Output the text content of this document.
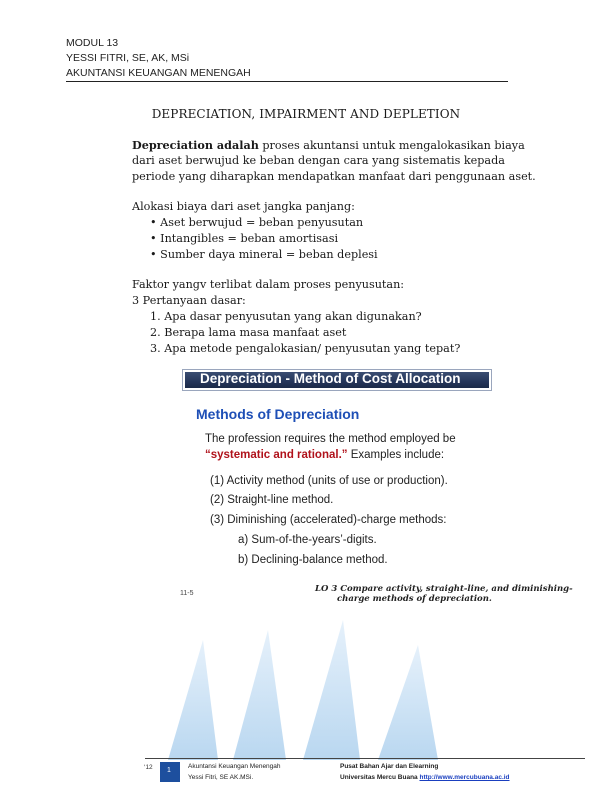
MODUL 13
YESSI FITRI, SE, AK, MSi
AKUNTANSI KEUANGAN MENENGAH
DEPRECIATION, IMPAIRMENT AND DEPLETION
Depreciation adalah proses akuntansi untuk mengalokasikan biaya
dari aset berwujud ke beban dengan cara yang sistematis kepada
periode yang diharapkan mendapatkan manfaat dari penggunaan aset.
Alokasi biaya dari aset jangka panjang:
• Aset berwujud = beban penyusutan
• Intangibles = beban amortisasi
• Sumber daya mineral = beban deplesi
Faktor yangv terlibat dalam proses penyusutan:
3 Pertanyaan dasar:
1. Apa dasar penyusutan yang akan digunakan?
2. Berapa lama masa manfaat aset
3. Apa metode pengalokasian/ penyusutan yang tepat?
Depreciation - Method of Cost Allocation
Methods of Depreciation
The profession requires the method employed be
“systematic and rational.” Examples include:
(1) Activity method (units of use or production).
(2) Straight-line method.
(3) Diminishing (accelerated)-charge methods:
a) Sum-of-the-years’-digits.
b) Declining-balance method.
11-5	LO 3 Compare activity, straight-line, and diminishing-
charge methods of depreciation.
‘12 1
Akuntansi Keuangan Menengah
Yessi Fitri, SE AK.MSi.
Pusat Bahan Ajar dan Elearning
Universitas Mercu Buana http://www.mercubuana.ac.id
